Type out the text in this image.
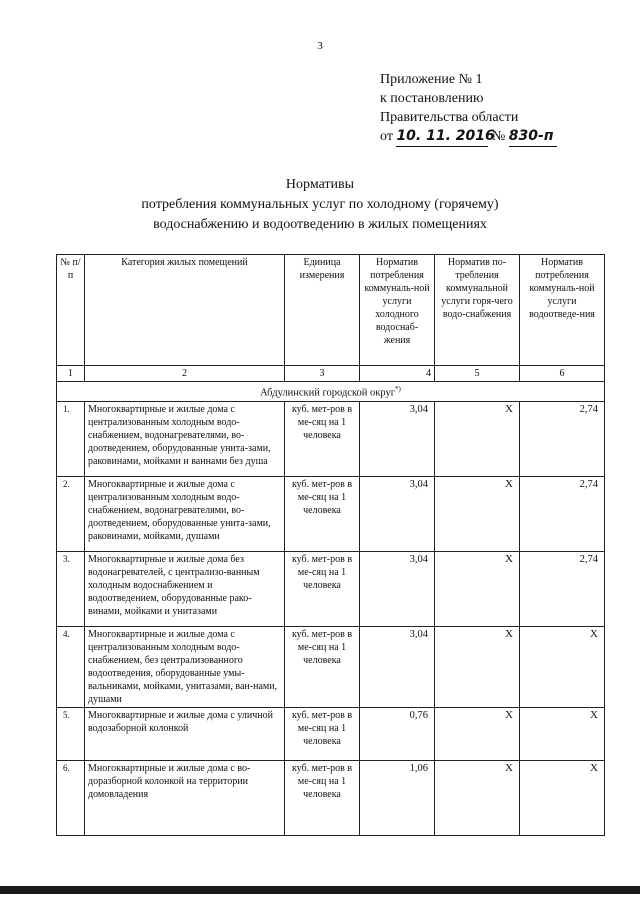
3
Приложение № 1
к постановлению
Правительства области
от 10. 11. 2016 № 830-п
Нормативы
потребления коммунальных услуг по холодному (горячему)
водоснабжению и водоотведению в жилых помещениях
№ п/п	Категория жилых помещений	Единица измерения	Норматив потребления коммуналь-ной услуги холодного водоснаб-жения	Норматив по-требления коммунальной услуги горя-чего водо-снабжения	Норматив потребления коммуналь-ной услуги водоотведе-ния
1	2	3	4	5	6
Абдулинский городской округ*)
1.	Многоквартирные и жилые дома с централизованным холодным водо-снабжением, водонагревателями, во-доотведением, оборудованные унита-зами, раковинами, мойками и ваннами без душа	куб. мет-ров в ме-сяц на 1 человека	3,04	X	2,74
2.	Многоквартирные и жилые дома с централизованным холодным водо-снабжением, водонагревателями, во-доотведением, оборудованные унита-зами, раковинами, мойками, душами	куб. мет-ров в ме-сяц на 1 человека	3,04	X	2,74
3.	Многоквартирные и жилые дома без водонагревателей, с централизо-ванным холодным водоснабжением и водоотведением, оборудованные рако-винами, мойками и унитазами	куб. мет-ров в ме-сяц на 1 человека	3,04	X	2,74
4.	Многоквартирные и жилые дома с централизованным холодным водо-снабжением, без централизованного водоотведения, оборудованные умы-вальниками, мойками, унитазами, ван-нами, душами	куб. мет-ров в ме-сяц на 1 человека	3,04	X	X
5.	Многоквартирные и жилые дома с уличной водозаборной колонкой	куб. мет-ров в ме-сяц на 1 человека	0,76	X	X
6.	Многоквартирные и жилые дома с во-доразборной колонкой на территории домовладения	куб. мет-ров в ме-сяц на 1 человека	1,06	X	X
